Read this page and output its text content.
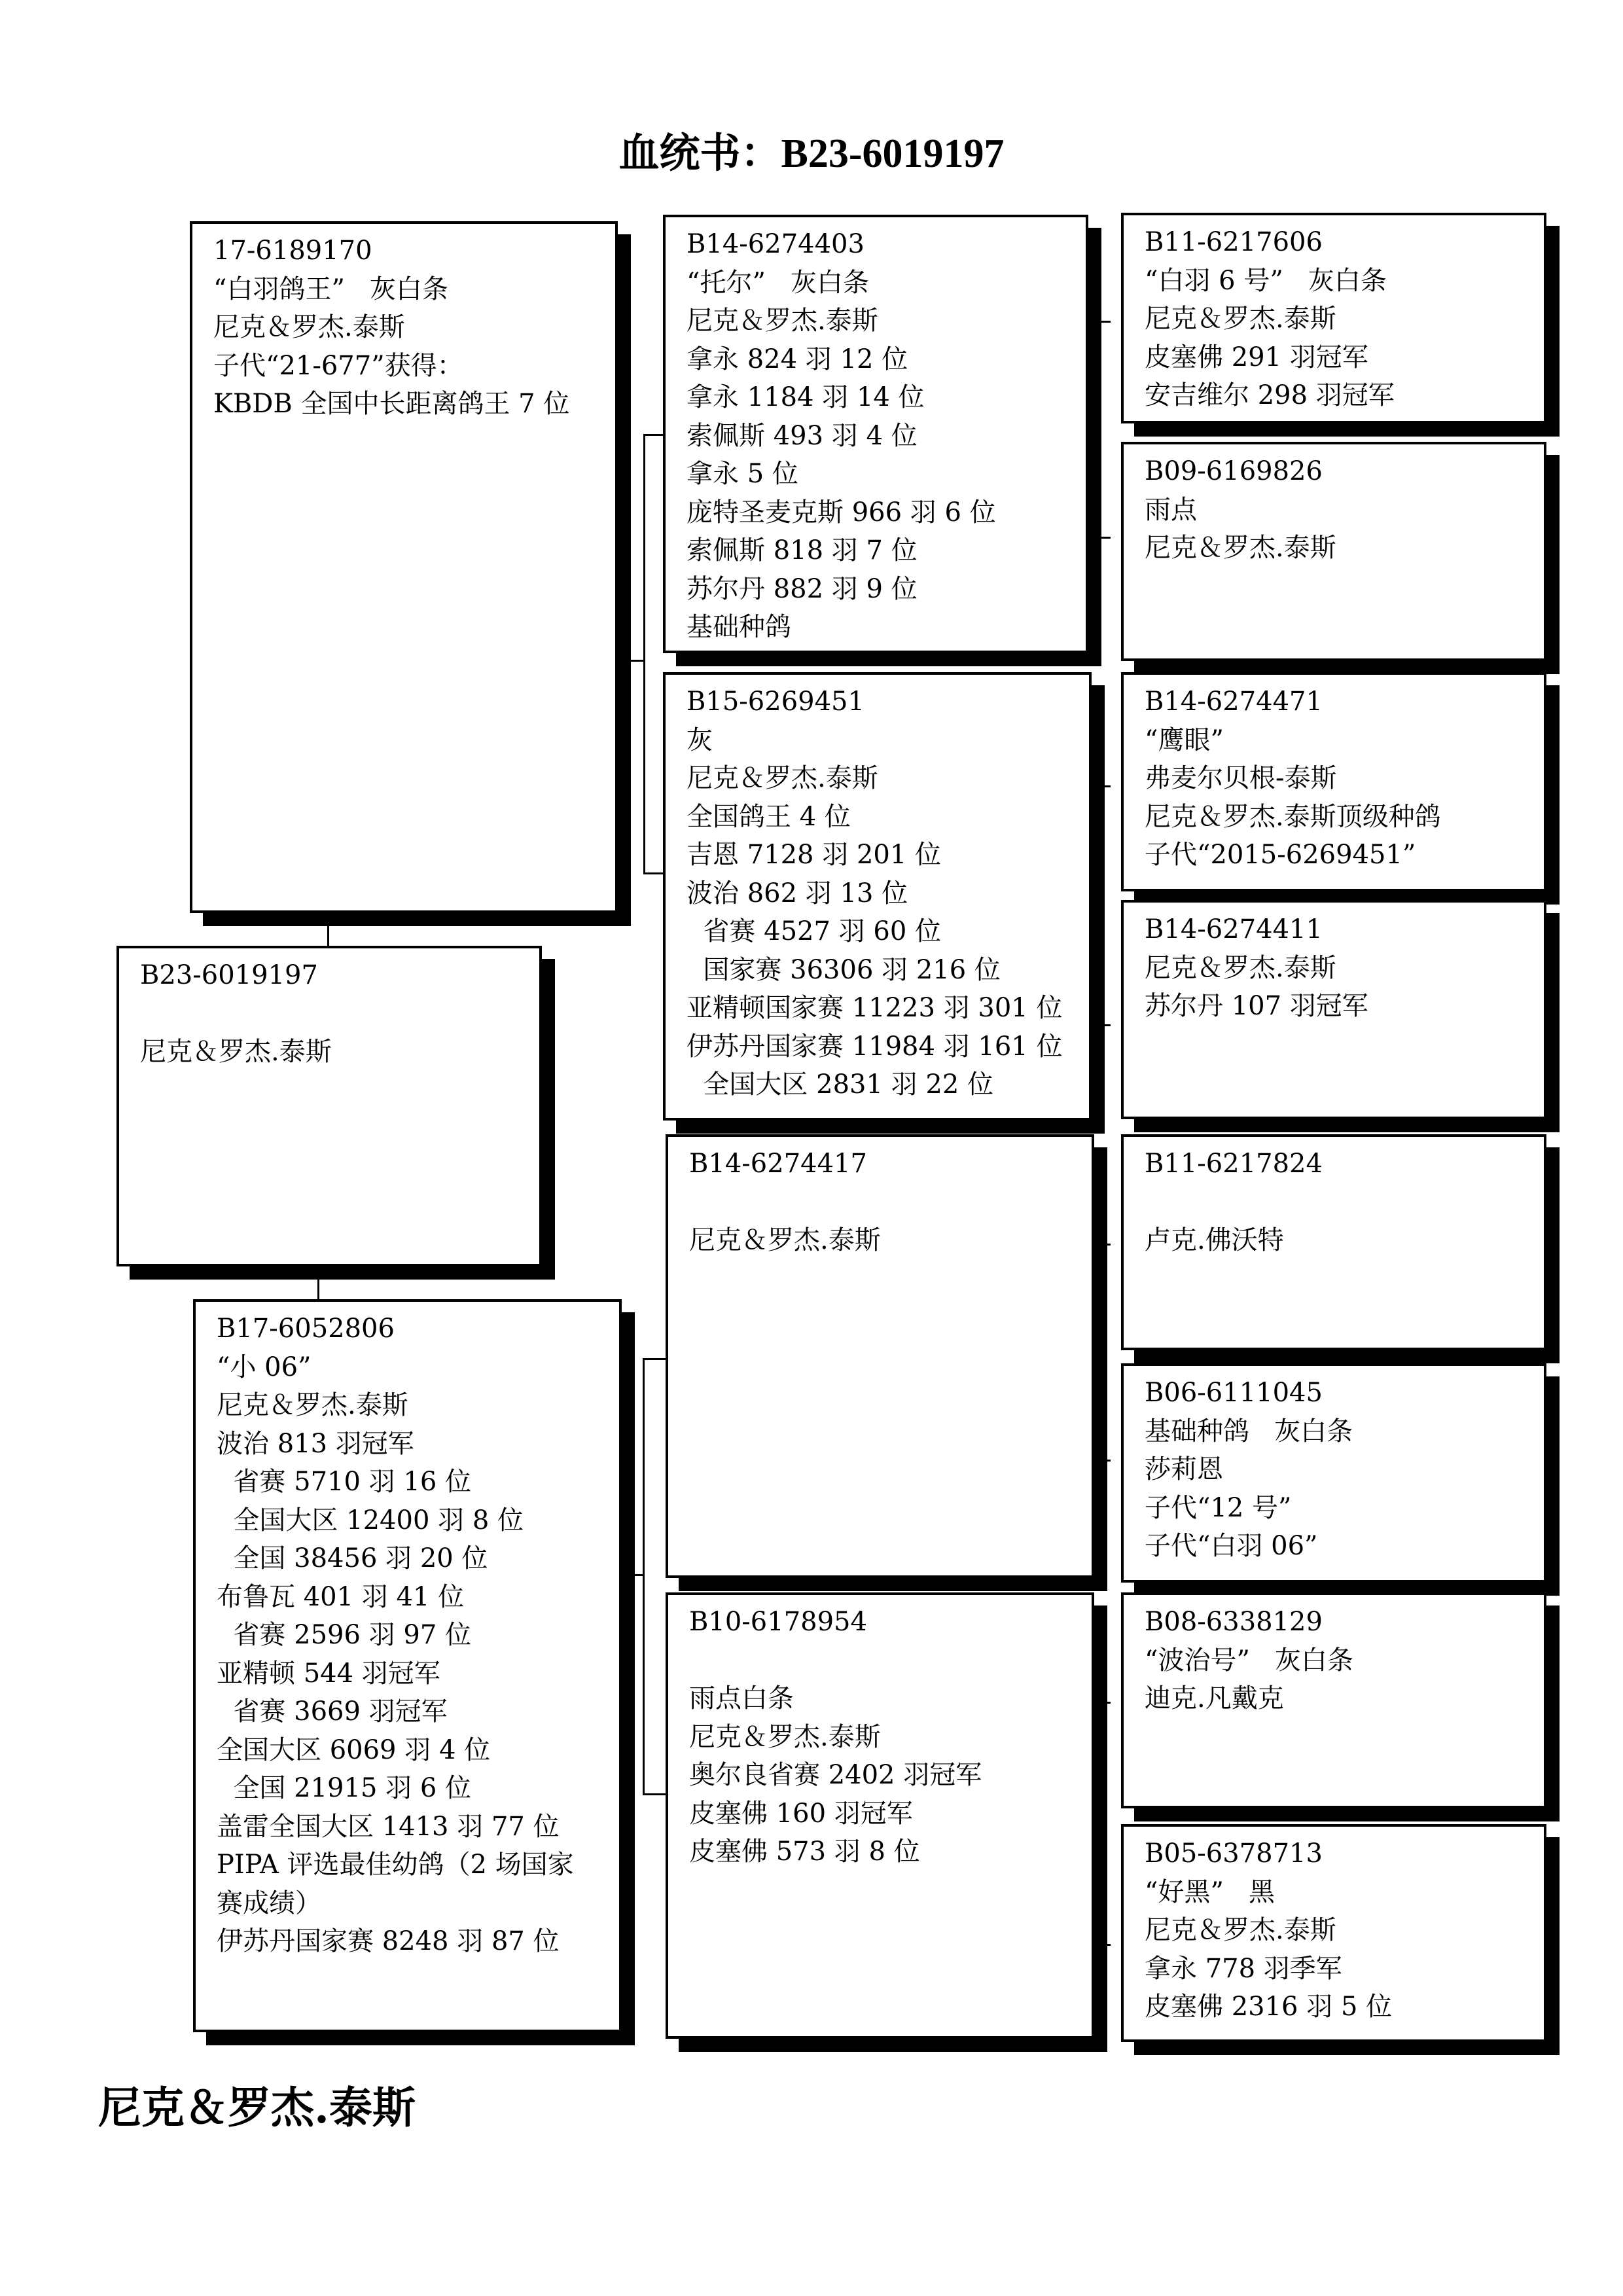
血统书：B23-6019197
17-6189170
“白羽鸽王”   灰白条
尼克＆罗杰.泰斯
子代“21-677”获得：
KBDB 全国中长距离鸽王 7 位
B23-6019197
尼克＆罗杰.泰斯
B17-6052806
“小 06”
尼克＆罗杰.泰斯
波治 813 羽冠军
省赛 5710 羽 16 位
全国大区 12400 羽 8 位
全国 38456 羽 20 位
布鲁瓦 401 羽 41 位
省赛 2596 羽 97 位
亚精顿 544 羽冠军
省赛 3669 羽冠军
全国大区 6069 羽 4 位
全国 21915 羽 6 位
盖雷全国大区 1413 羽 77 位
PIPA 评选最佳幼鸽（2 场国家
赛成绩）
伊苏丹国家赛 8248 羽 87 位
B14-6274403
“托尔”   灰白条
尼克＆罗杰.泰斯
拿永 824 羽 12 位
拿永 1184 羽 14 位
索佩斯 493 羽 4 位
拿永 5 位
庞特圣麦克斯 966 羽 6 位
索佩斯 818 羽 7 位
苏尔丹 882 羽 9 位
基础种鸽
B15-6269451
灰
尼克＆罗杰.泰斯
全国鸽王 4 位
吉恩 7128 羽 201 位
波治 862 羽 13 位
省赛 4527 羽 60 位
国家赛 36306 羽 216 位
亚精顿国家赛 11223 羽 301 位
伊苏丹国家赛 11984 羽 161 位
全国大区 2831 羽 22 位
B14-6274417
尼克＆罗杰.泰斯
B10-6178954
雨点白条
尼克＆罗杰.泰斯
奥尔良省赛 2402 羽冠军
皮塞佛 160 羽冠军
皮塞佛 573 羽 8 位
B11-6217606
“白羽 6 号”   灰白条
尼克＆罗杰.泰斯
皮塞佛 291 羽冠军
安吉维尔 298 羽冠军
B09-6169826
雨点
尼克＆罗杰.泰斯
B14-6274471
“鹰眼”
弗麦尔贝根-泰斯
尼克＆罗杰.泰斯顶级种鸽
子代“2015-6269451”
B14-6274411
尼克＆罗杰.泰斯
苏尔丹 107 羽冠军
B11-6217824
卢克.佛沃特
B06-6111045
基础种鸽   灰白条
莎莉恩
子代“12 号”
子代“白羽 06”
B08-6338129
“波治号”   灰白条
迪克.凡戴克
B05-6378713
“好黑”   黑
尼克＆罗杰.泰斯
拿永 778 羽季军
皮塞佛 2316 羽 5 位
尼克＆罗杰.泰斯
